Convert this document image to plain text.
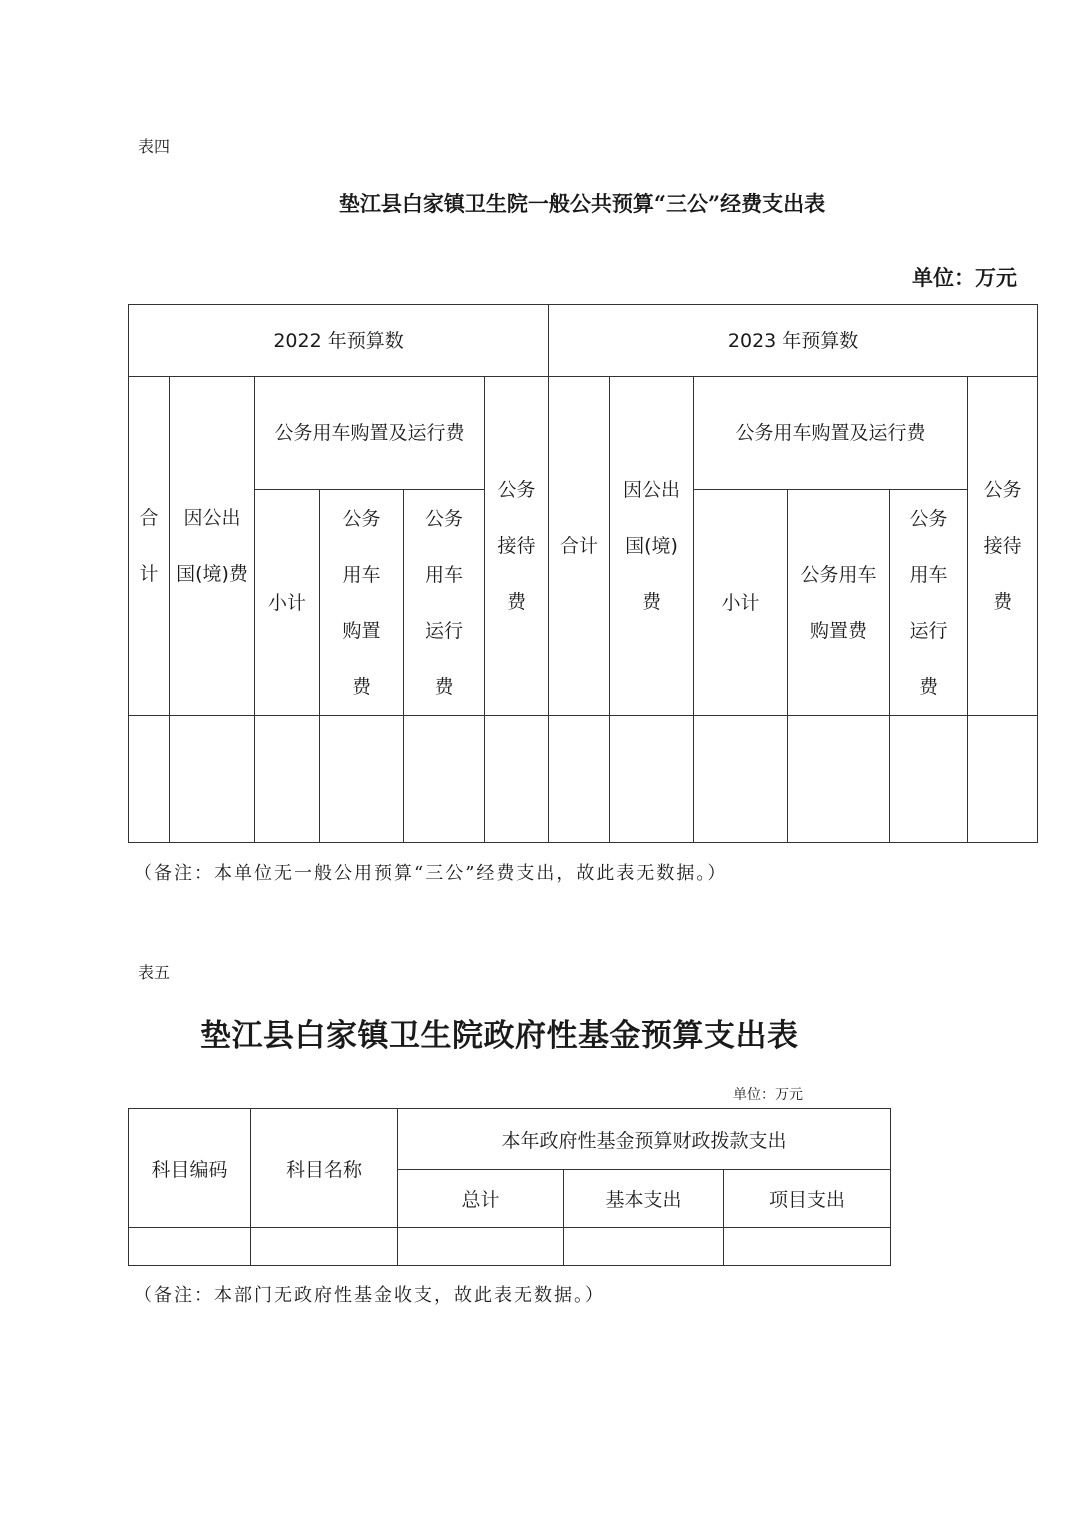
表四
垫江县白家镇卫生院一般公共预算“三公”经费支出表
单位：万元
2022 年预算数						2023 年预算数					
合计	因公出国(境)费	公务用车购置及运行费			公务接待费	合计	因公出国(境)费	公务用车购置及运行费			公务接待费
		小计	公务用车购置费	公务用车运行费				小计	公务用车购置费	公务用车运行费	

（备注：本单位无一般公用预算“三公”经费支出，故此表无数据。）
表五
垫江县白家镇卫生院政府性基金预算支出表
单位：万元
科目编码	科目名称	本年政府性基金预算财政拨款支出		
		总计	基本支出	项目支出

（备注：本部门无政府性基金收支，故此表无数据。）
